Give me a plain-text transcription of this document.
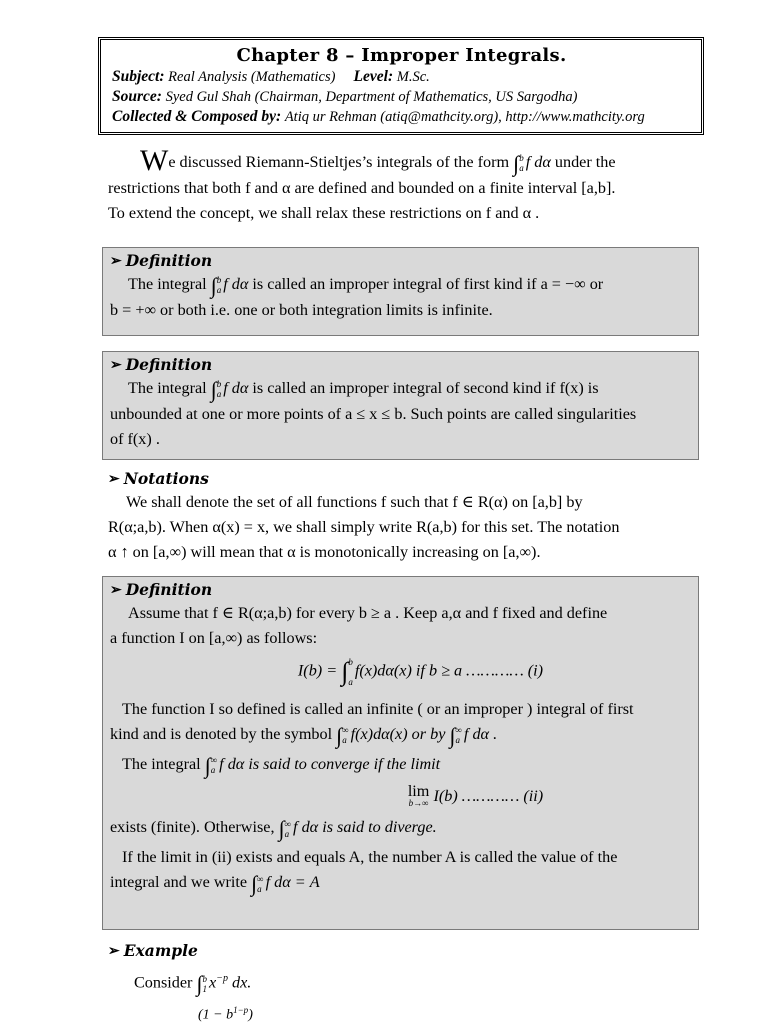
Chapter 8 – Improper Integrals.
Subject: Real Analysis (Mathematics) Level: M.Sc.
Source: Syed Gul Shah (Chairman, Department of Mathematics, US Sargodha)
Collected & Composed by: Atiq ur Rehman (atiq@mathcity.org), http://www.mathcity.org
We discussed Riemann-Stieltjes’s integrals of the form ∫b
a f dα under the
restrictions that both f and α are defined and bounded on a finite interval [a,b].
To extend the concept, we shall relax these restrictions on f and α .
➢ Definition
The integral ∫b
a f dα is called an improper integral of first kind if a = −∞ or
b = +∞ or both i.e. one or both integration limits is infinite.
➢ Definition
The integral ∫b
a f dα is called an improper integral of second kind if f(x) is
unbounded at one or more points of a ≤ x ≤ b. Such points are called singularities
of f(x) .
➢ Notations
We shall denote the set of all functions f such that f ∈ R(α) on [a,b] by
R(α;a,b). When α(x) = x, we shall simply write R(a,b) for this set. The notation
α ↑ on [a,∞) will mean that α is monotonically increasing on [a,∞).
➢ Definition
Assume that f ∈ R(α;a,b) for every b ≥ a . Keep a,α and f fixed and define
a function I on [a,∞) as follows:
I(b) = ∫b

af(x)dα(x) if b ≥ a ………… (i)
The function I so defined is called an infinite ( or an improper ) integral of first
kind and is denoted by the symbol ∫∞
a f(x)dα(x) or by ∫∞
a f dα .
The integral ∫∞
a f dα is said to converge if the limit
lim
b→∞ I(b) ………… (ii)
exists (finite). Otherwise, ∫∞
a f dα is said to diverge.
If the limit in (ii) exists and equals A, the number A is called the value of the
integral and we write ∫∞
a f dα = A
➢ Example
Consider ∫b
1 $x^{-p}$ dx.
$(1 - b^{1-p})$
